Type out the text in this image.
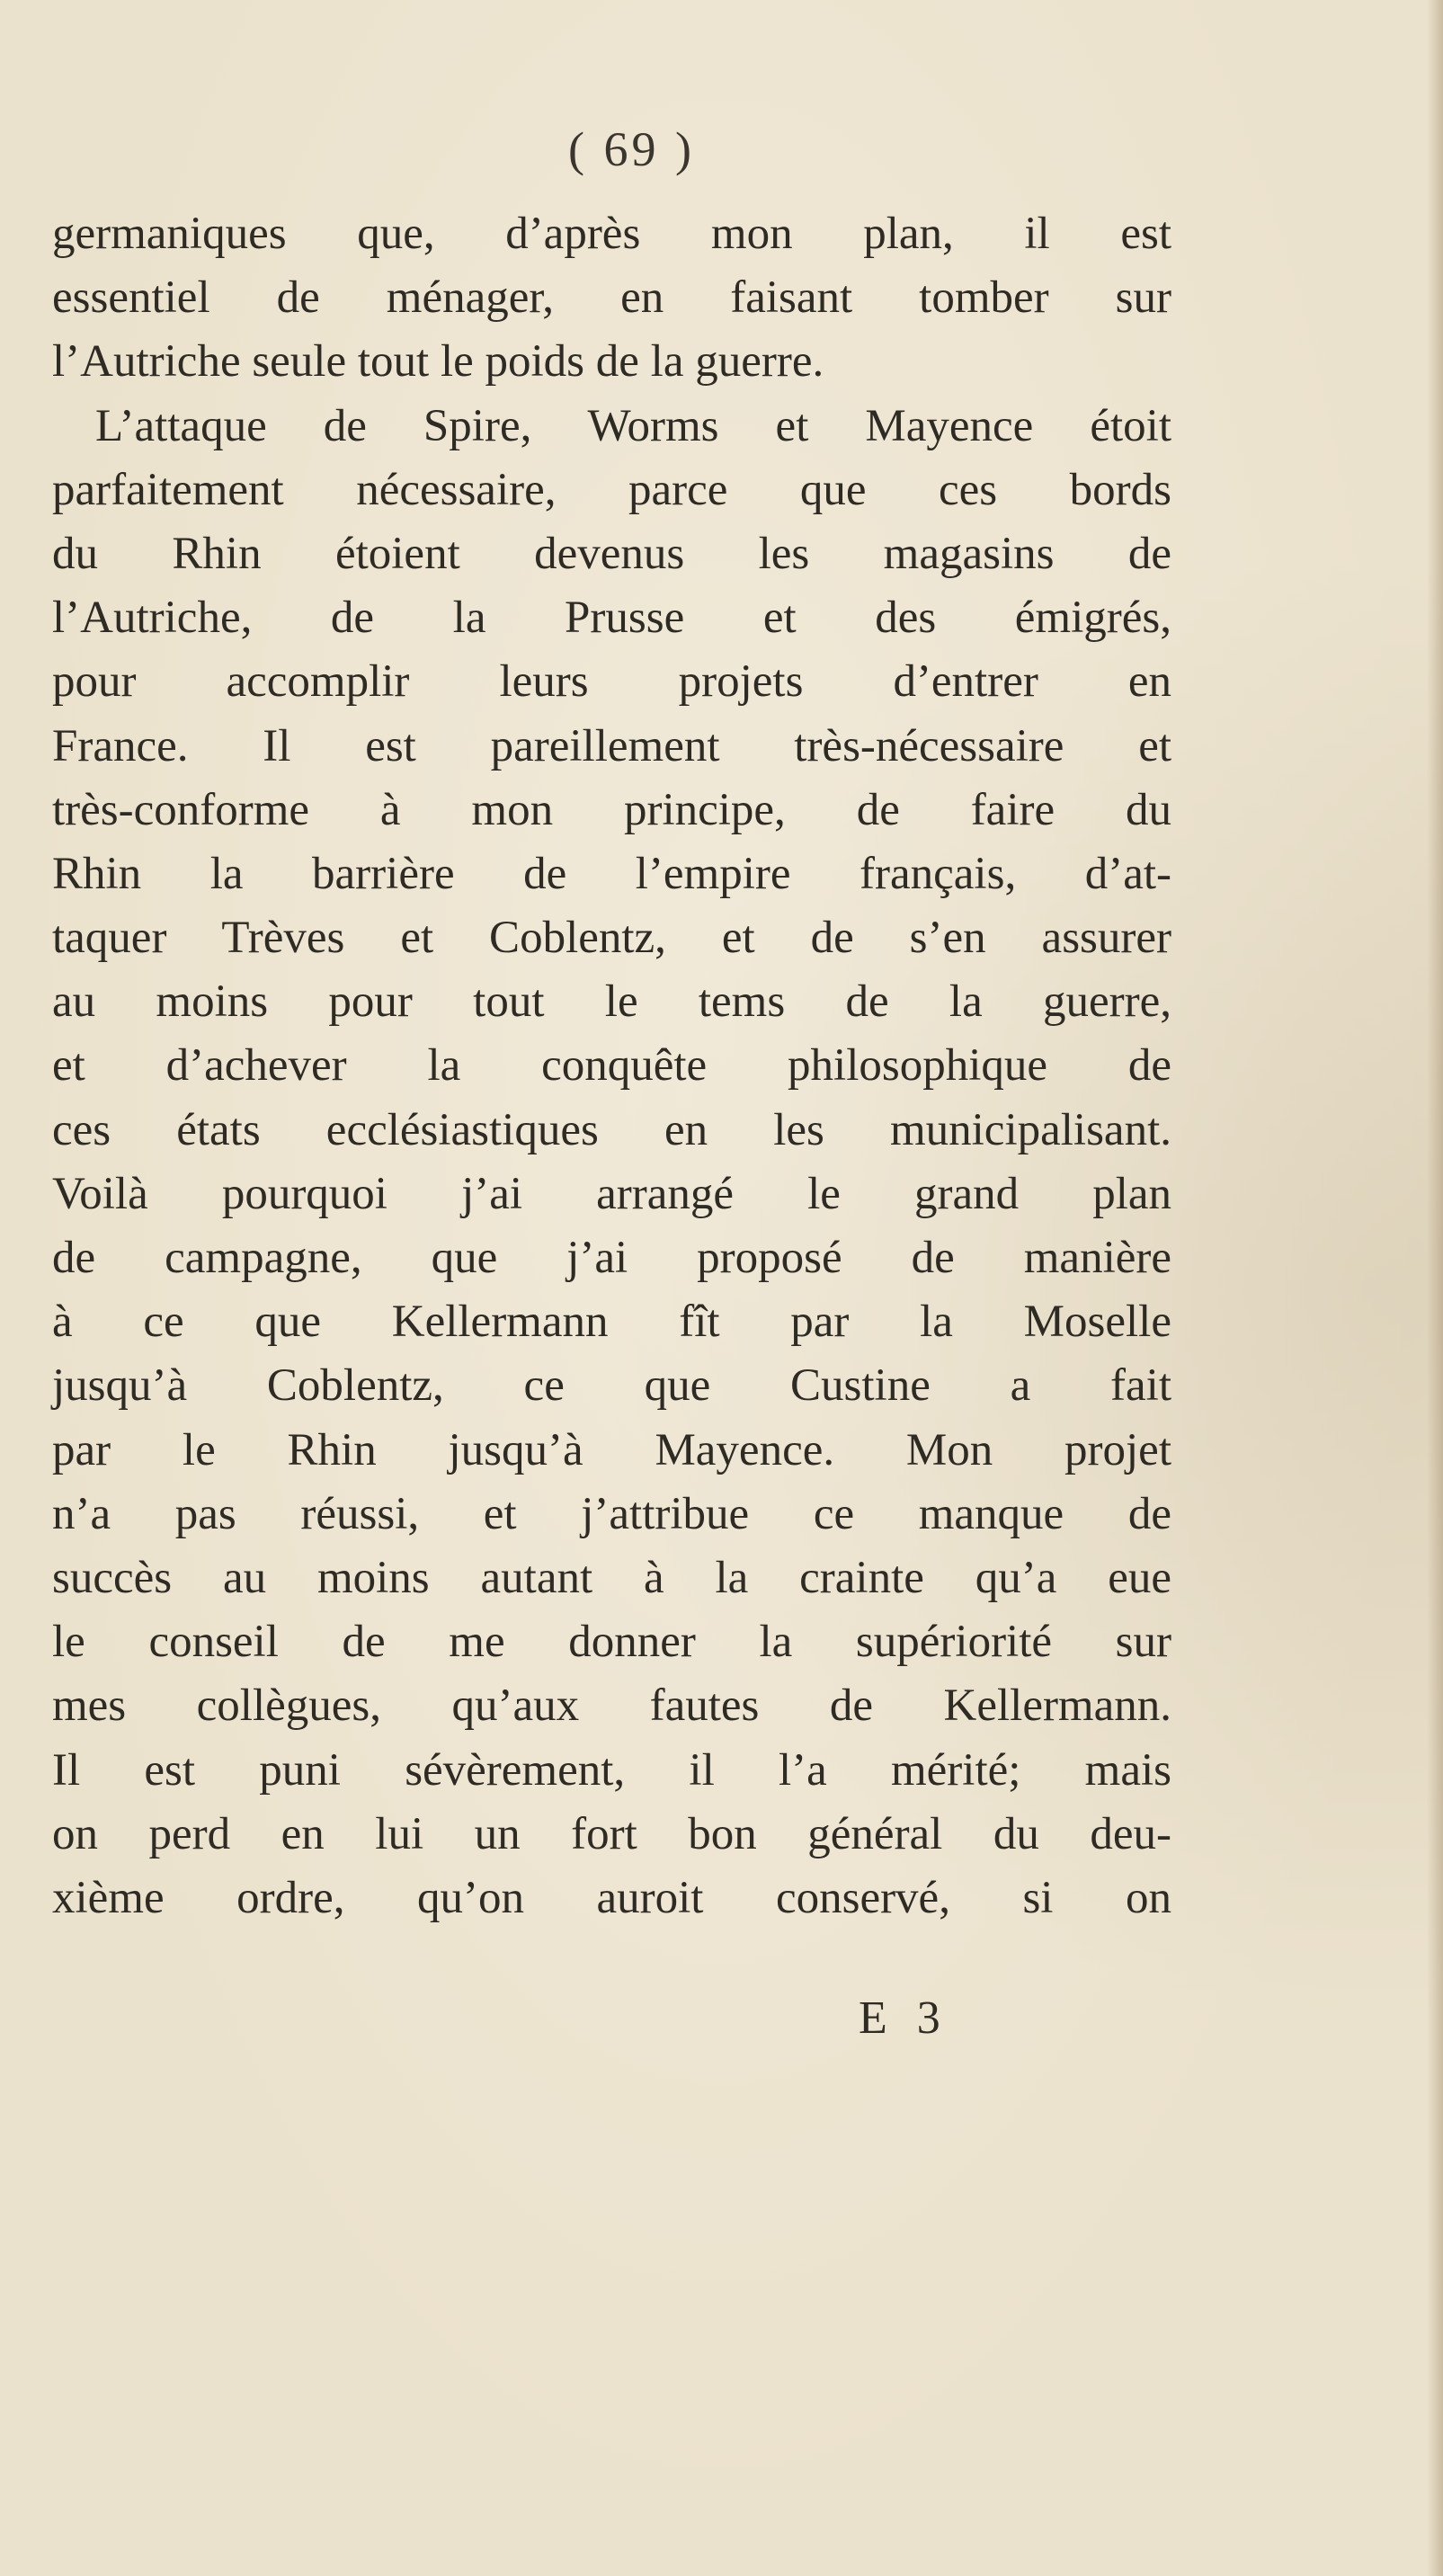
( 69 )
germaniques que, d’après mon plan, il est
essentiel de ménager, en faisant tomber sur
l’Autriche seule tout le poids de la guerre.
L’attaque de Spire, Worms et Mayence étoit
parfaitement nécessaire, parce que ces bords
du Rhin étoient devenus les magasins de
l’Autriche, de la Prusse et des émigrés,
pour accomplir leurs projets d’entrer en
France. Il est pareillement très-nécessaire et
très-conforme à mon principe, de faire du
Rhin la barrière de l’empire français, d’at-
taquer Trèves et Coblentz, et de s’en assurer
au moins pour tout le tems de la guerre,
et d’achever la conquête philosophique de
ces états ecclésiastiques en les municipalisant.
Voilà pourquoi j’ai arrangé le grand plan
de campagne, que j’ai proposé de manière
à ce que Kellermann fît par la Moselle
jusqu’à Coblentz, ce que Custine a fait
par le Rhin jusqu’à Mayence. Mon projet
n’a pas réussi, et j’attribue ce manque de
succès au moins autant à la crainte qu’a eue
le conseil de me donner la supériorité sur
mes collègues, qu’aux fautes de Kellermann.
Il est puni sévèrement, il l’a mérité; mais
on perd en lui un fort bon général du deu-
xième ordre, qu’on auroit conservé, si on
E 3
